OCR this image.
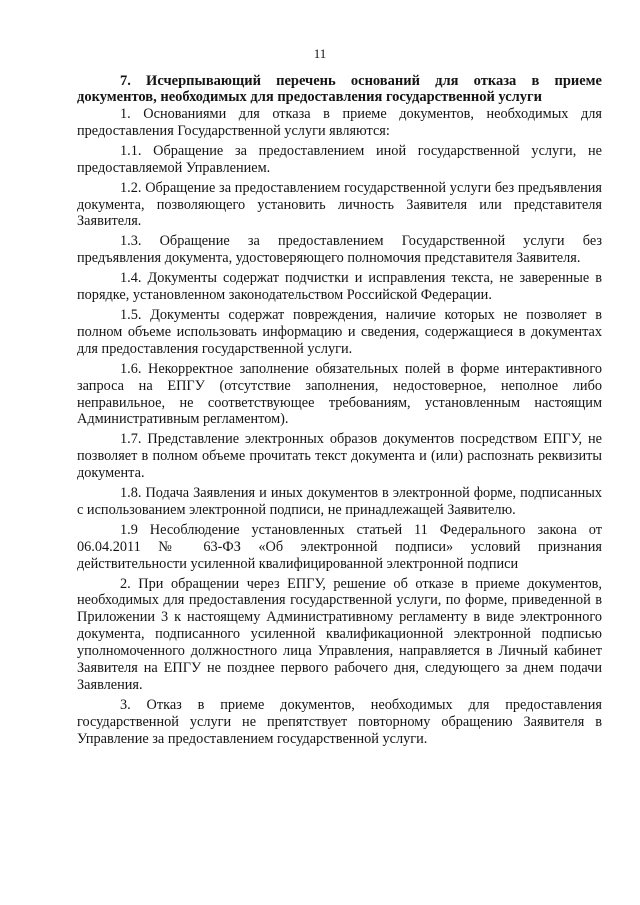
11

7. Исчерпывающий перечень оснований для отказа в приеме документов, необходимых для предоставления государственной услуги

1. Основаниями для отказа в приеме документов, необходимых для предоставления Государственной услуги являются:

1.1. Обращение за предоставлением иной государственной услуги, не предоставляемой Управлением.

1.2. Обращение за предоставлением государственной услуги без предъявления документа, позволяющего установить личность Заявителя или представителя Заявителя.

1.3. Обращение за предоставлением Государственной услуги без предъявления документа, удостоверяющего полномочия представителя Заявителя.

1.4. Документы содержат подчистки и исправления текста, не заверенные в порядке, установленном законодательством Российской Федерации.

1.5. Документы содержат повреждения, наличие которых не позволяет в полном объеме использовать информацию и сведения, содержащиеся в документах для предоставления государственной услуги.

1.6. Некорректное заполнение обязательных полей в форме интерактивного запроса на ЕПГУ (отсутствие заполнения, недостоверное, неполное либо неправильное, не соответствующее требованиям, установленным настоящим Административным регламентом).

1.7. Представление электронных образов документов посредством ЕПГУ, не позволяет в полном объеме прочитать текст документа и (или) распознать реквизиты документа.

1.8. Подача Заявления и иных документов в электронной форме, подписанных с использованием электронной подписи, не принадлежащей Заявителю.

1.9 Несоблюдение установленных статьей 11 Федерального закона от 06.04.2011 № 63-ФЗ «Об электронной подписи» условий признания действительности усиленной квалифицированной электронной подписи

2. При обращении через ЕПГУ, решение об отказе в приеме документов, необходимых для предоставления государственной услуги, по форме, приведенной в Приложении 3 к настоящему Административному регламенту в виде электронного документа, подписанного усиленной квалификационной электронной подписью уполномоченного должностного лица Управления, направляется в Личный кабинет Заявителя на ЕПГУ не позднее первого рабочего дня, следующего за днем подачи Заявления.

3. Отказ в приеме документов, необходимых для предоставления государственной услуги не препятствует повторному обращению Заявителя в Управление за предоставлением государственной услуги.
